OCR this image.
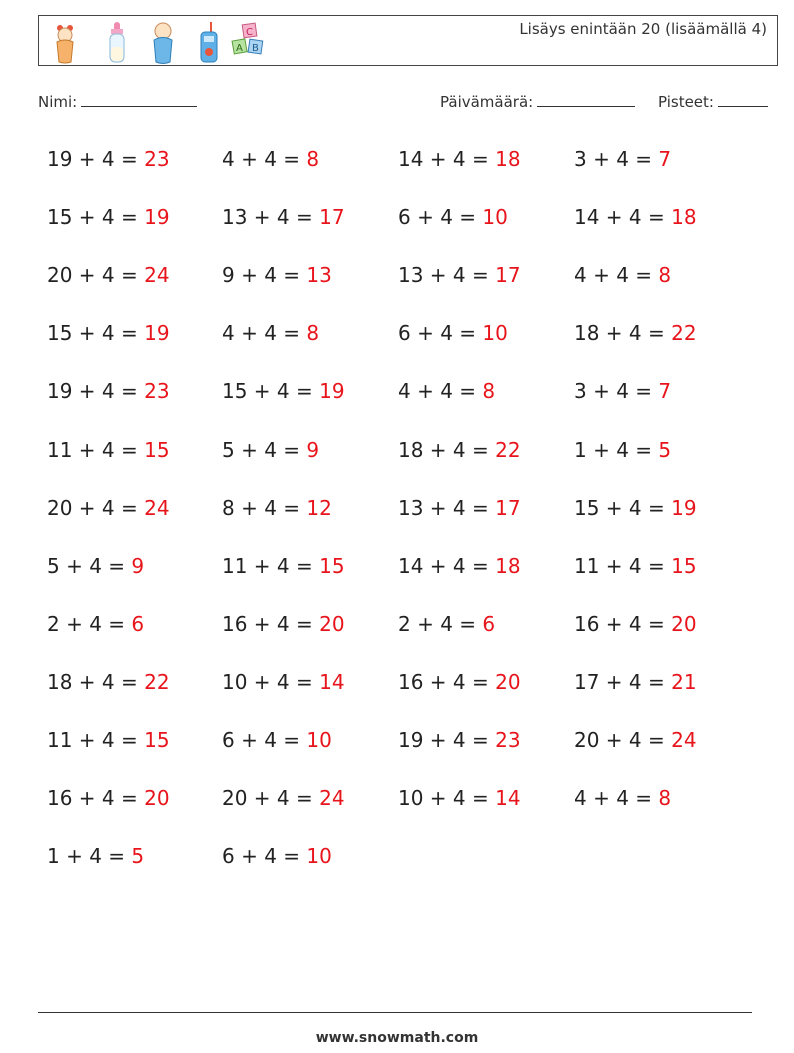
C
A B
Lisäys enintään 20 (lisäämällä 4)
Nimi:	Päivämäärä:	Pisteet:
19 + 4 = 23	4 + 4 = 8	14 + 4 = 18	3 + 4 = 7
15 + 4 = 19	13 + 4 = 17	6 + 4 = 10	14 + 4 = 18
20 + 4 = 24	9 + 4 = 13	13 + 4 = 17	4 + 4 = 8
15 + 4 = 19	4 + 4 = 8	6 + 4 = 10	18 + 4 = 22
19 + 4 = 23	15 + 4 = 19	4 + 4 = 8	3 + 4 = 7
11 + 4 = 15	5 + 4 = 9	18 + 4 = 22	1 + 4 = 5
20 + 4 = 24	8 + 4 = 12	13 + 4 = 17	15 + 4 = 19
5 + 4 = 9	11 + 4 = 15	14 + 4 = 18	11 + 4 = 15
2 + 4 = 6	16 + 4 = 20	2 + 4 = 6	16 + 4 = 20
18 + 4 = 22	10 + 4 = 14	16 + 4 = 20	17 + 4 = 21
11 + 4 = 15	6 + 4 = 10	19 + 4 = 23	20 + 4 = 24
16 + 4 = 20	20 + 4 = 24	10 + 4 = 14	4 + 4 = 8
1 + 4 = 5	6 + 4 = 10
www.snowmath.com
